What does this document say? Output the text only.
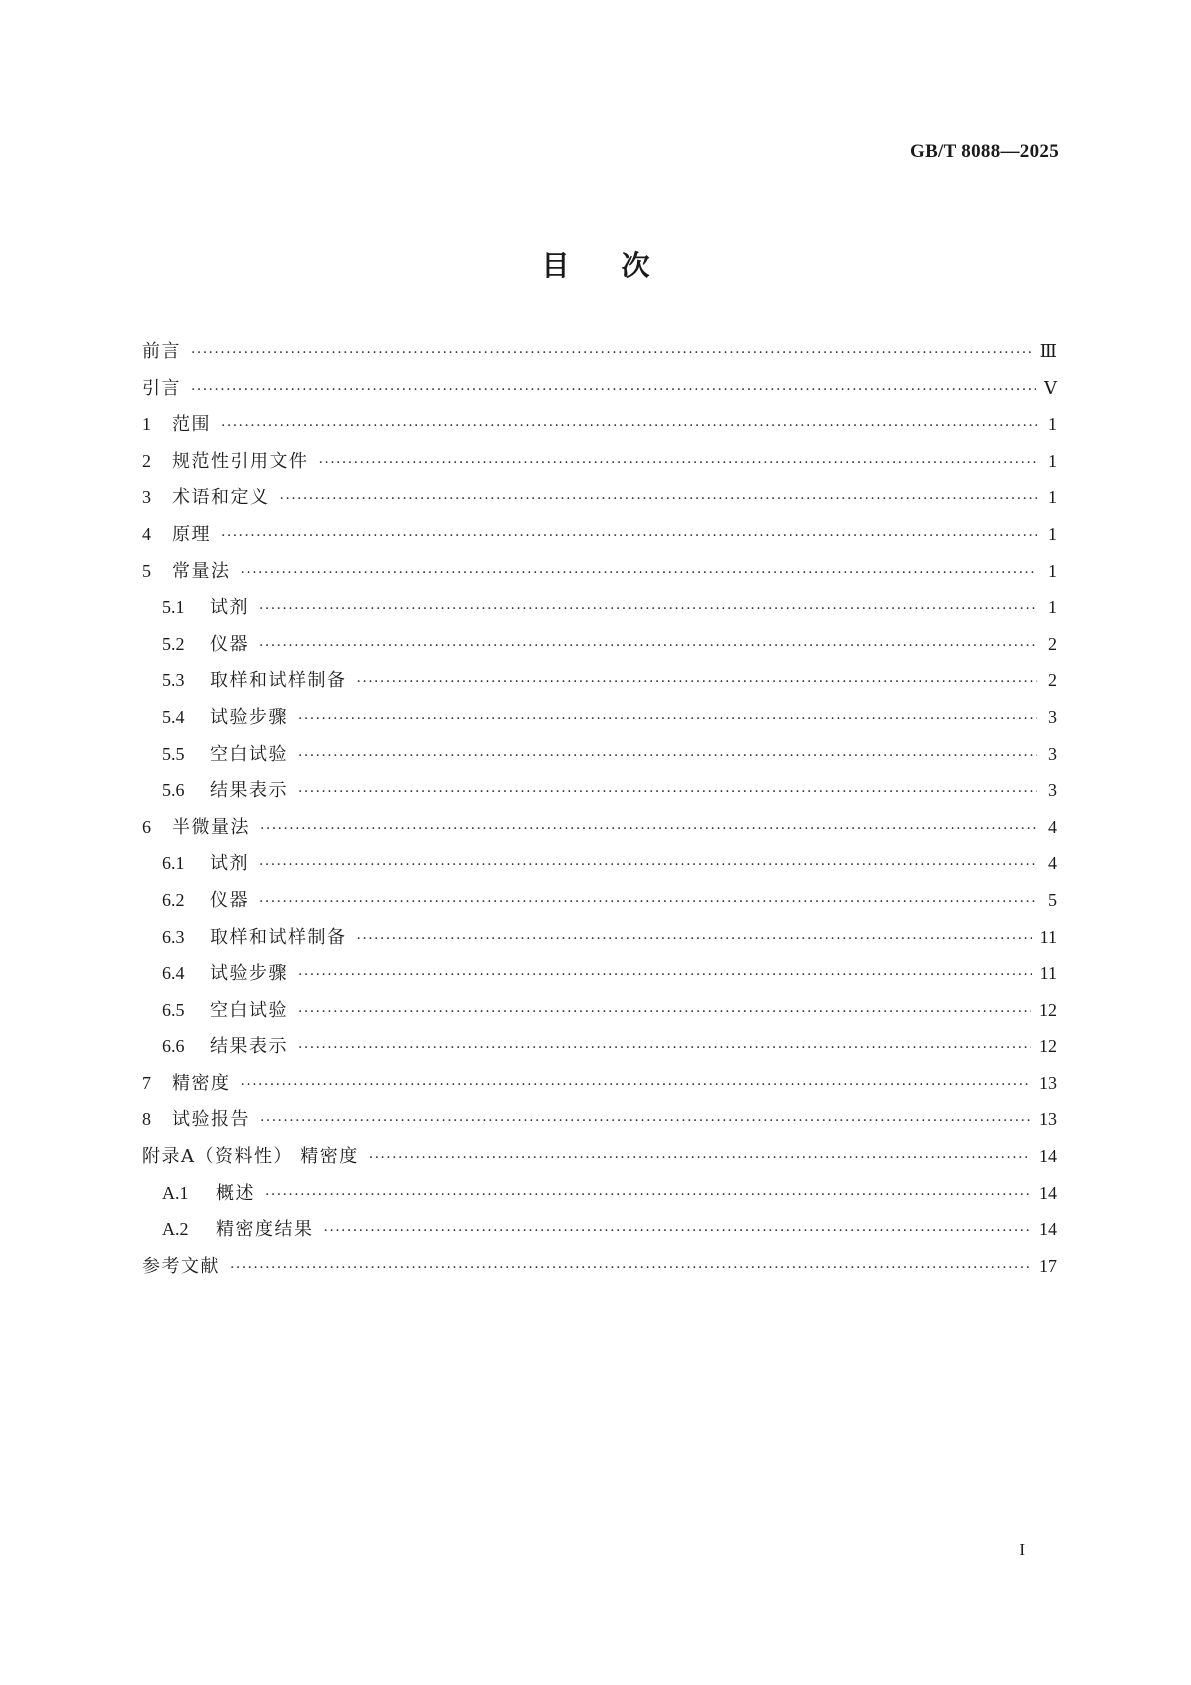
GB/T 8088—2025
目次
前言 ·····	Ⅲ
引言 ·····	Ⅴ
1	范围 ·····	1
2	规范性引用文件 ·····	1
3	术语和定义 ·····	1
4	原理 ·····	1
5	常量法 ·····	1
5.1	试剂 ·····	1
5.2	仪器 ·····	2
5.3	取样和试样制备 ·····	2
5.4	试验步骤 ·····	3
5.5	空白试验 ·····	3
5.6	结果表示 ·····	3
6	半微量法 ·····	4
6.1	试剂 ·····	4
6.2	仪器 ·····	5
6.3	取样和试样制备 ·····	11
6.4	试验步骤 ·····	11
6.5	空白试验 ·····	12
6.6	结果表示 ·····	12
7	精密度 ·····	13
8	试验报告 ·····	13
附录A（资料性） 精密度 ·····	14
A.1	概述 ·····	14
A.2	精密度结果 ·····	14
参考文献 ·····	17
I
